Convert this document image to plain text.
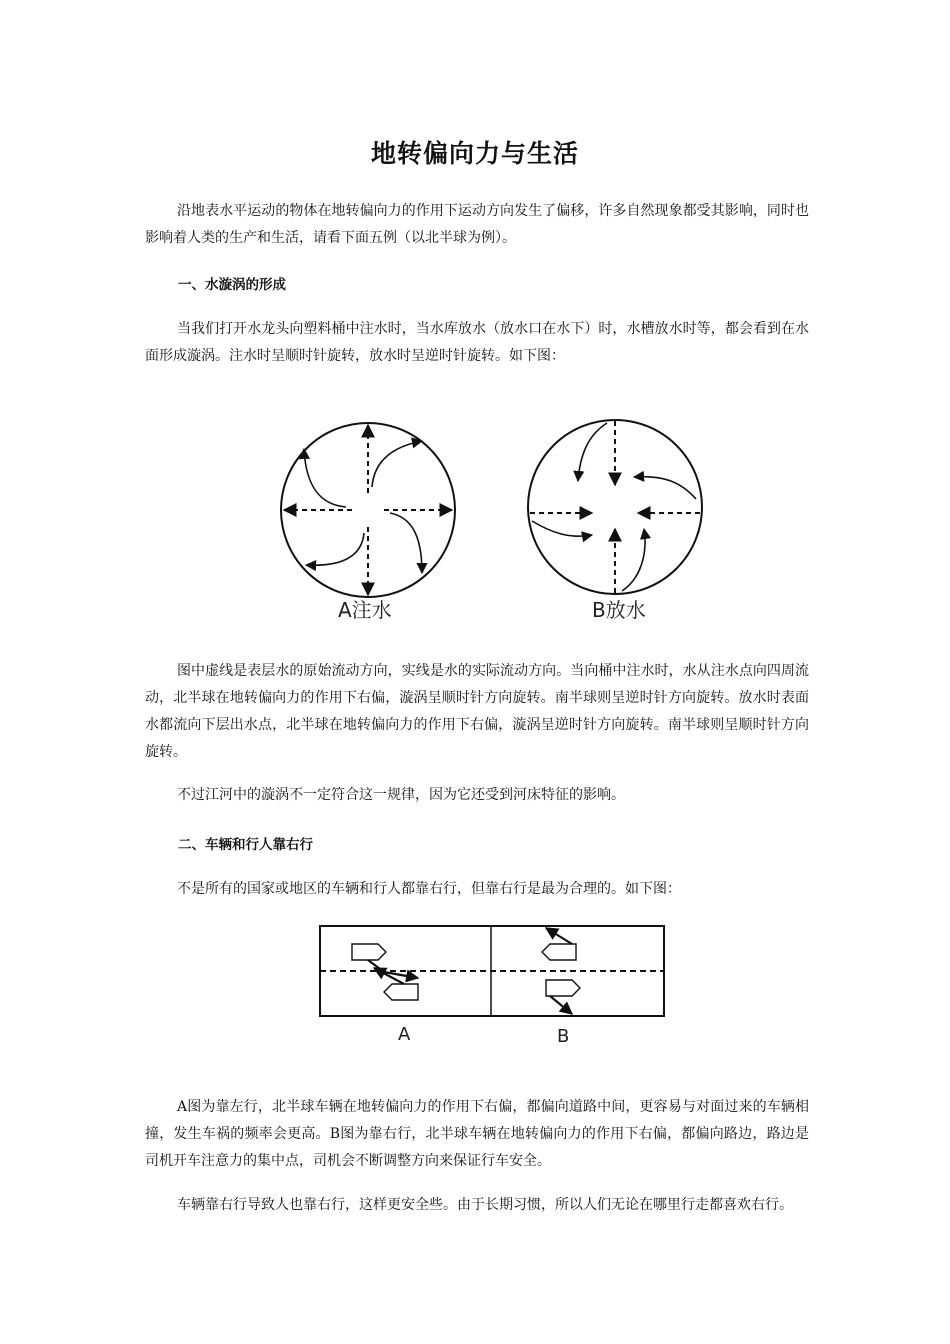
地转偏向力与生活

沿地表水平运动的物体在地转偏向力的作用下运动方向发生了偏移，许多自然现象都受其影响，同时也影响着人类的生产和生活，请看下面五例（以北半球为例）。

一、水漩涡的形成

当我们打开水龙头向塑料桶中注水时，当水库放水（放水口在水下）时，水槽放水时等，都会看到在水面形成漩涡。注水时呈顺时针旋转，放水时呈逆时针旋转。如下图：

A注水	B放水

图中虚线是表层水的原始流动方向，实线是水的实际流动方向。当向桶中注水时，水从注水点向四周流动，北半球在地转偏向力的作用下右偏，漩涡呈顺时针方向旋转。南半球则呈逆时针方向旋转。放水时表面水都流向下层出水点，北半球在地转偏向力的作用下右偏，漩涡呈逆时针方向旋转。南半球则呈顺时针方向旋转。

不过江河中的漩涡不一定符合这一规律，因为它还受到河床特征的影响。

二、车辆和行人靠右行

不是所有的国家或地区的车辆和行人都靠右行，但靠右行是最为合理的。如下图：

A	B

A图为靠左行，北半球车辆在地转偏向力的作用下右偏，都偏向道路中间，更容易与对面过来的车辆相撞，发生车祸的频率会更高。B图为靠右行，北半球车辆在地转偏向力的作用下右偏，都偏向路边，路边是司机开车注意力的集中点，司机会不断调整方向来保证行车安全。

车辆靠右行导致人也靠右行，这样更安全些。由于长期习惯，所以人们无论在哪里行走都喜欢右行。
